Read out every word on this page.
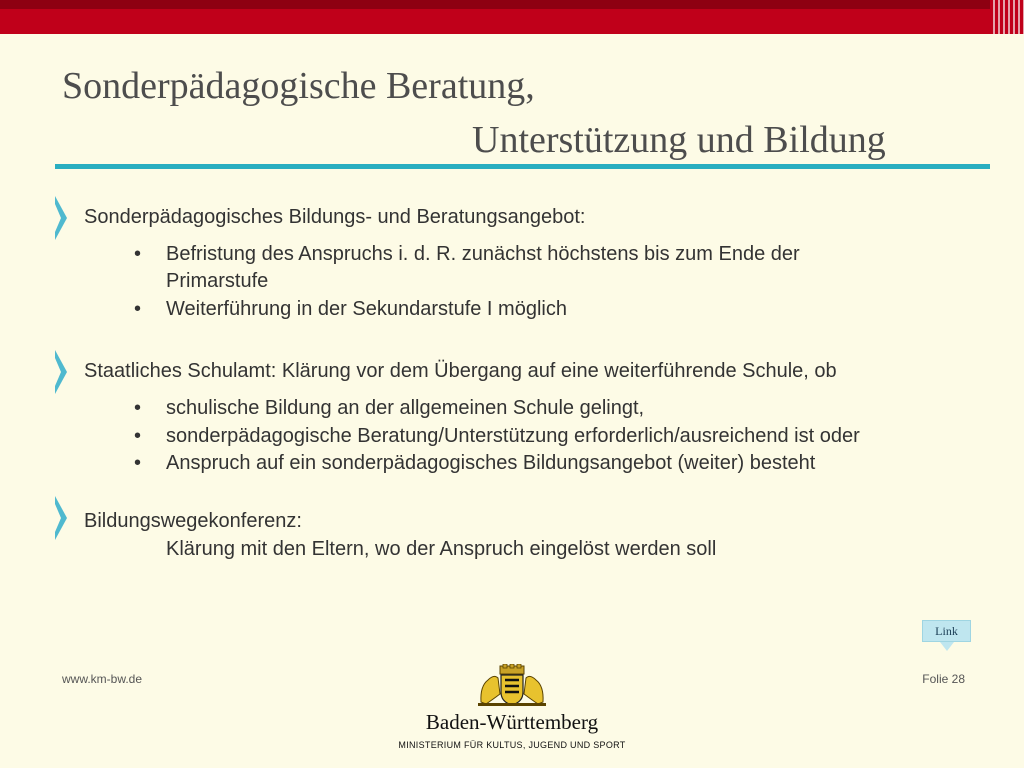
Sonderpädagogische Beratung,
Unterstützung und Bildung
Sonderpädagogisches Bildungs- und Beratungsangebot:
• Befristung des Anspruchs i. d. R. zunächst höchstens bis zum Ende der
Primarstufe
• Weiterführung in der Sekundarstufe I möglich
Staatliches Schulamt: Klärung vor dem Übergang auf eine weiterführende Schule, ob
• schulische Bildung an der allgemeinen Schule gelingt,
• sonderpädagogische Beratung/Unterstützung erforderlich/ausreichend ist oder
• Anspruch auf ein sonderpädagogisches Bildungsangebot (weiter) besteht
Bildungswegekonferenz:
Klärung mit den Eltern, wo der Anspruch eingelöst werden soll
Link
www.km-bw.de	Folie 28
Baden-Württemberg
MINISTERIUM FÜR KULTUS, JUGEND UND SPORT
